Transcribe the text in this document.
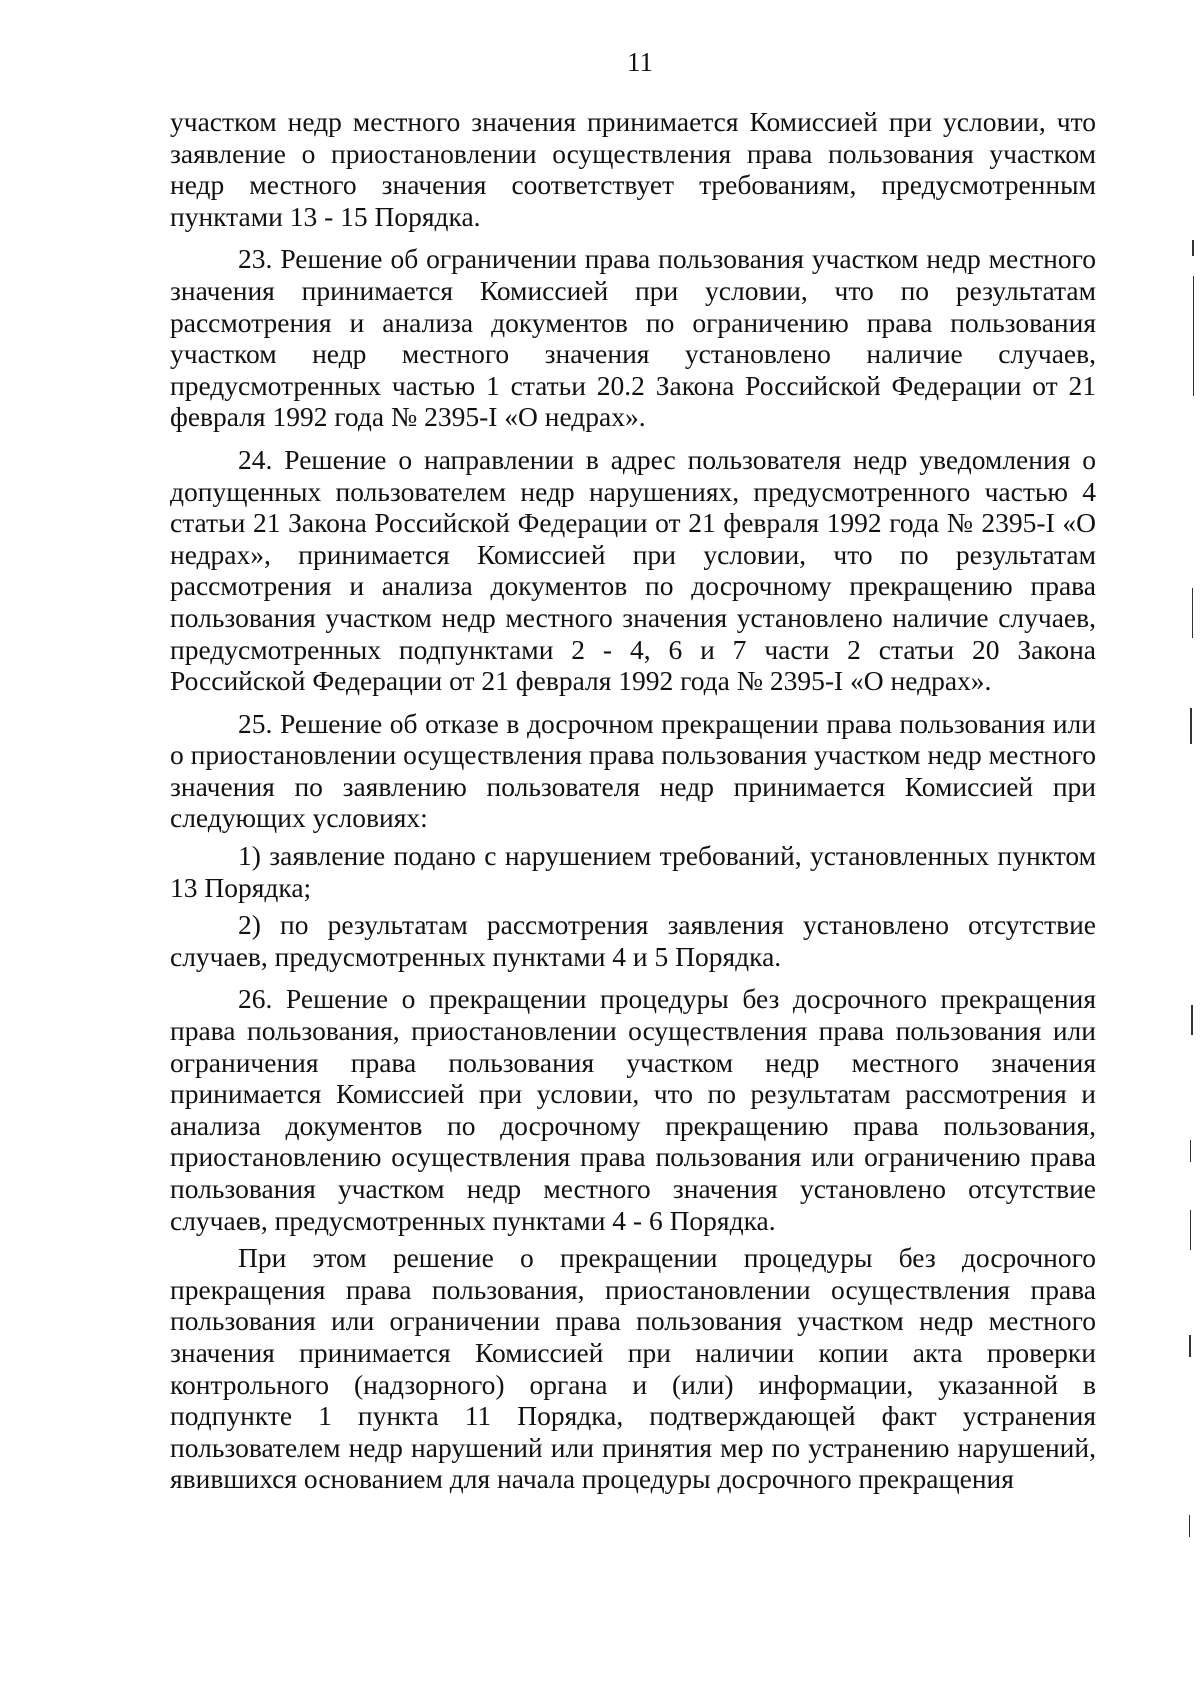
11

участком недр местного значения принимается Комиссией при условии, что заявление о приостановлении осуществления права пользования участком недр местного значения соответствует требованиям, предусмотренным пунктами 13 - 15 Порядка.

23. Решение об ограничении права пользования участком недр местного значения принимается Комиссией при условии, что по результатам рассмотрения и анализа документов по ограничению права пользования участком недр местного значения установлено наличие случаев, предусмотренных частью 1 статьи 20.2 Закона Российской Федерации от 21 февраля 1992 года № 2395-I «О недрах».

24. Решение о направлении в адрес пользователя недр уведомления о допущенных пользователем недр нарушениях, предусмотренного частью 4 статьи 21 Закона Российской Федерации от 21 февраля 1992 года № 2395-I «О недрах», принимается Комиссией при условии, что по результатам рассмотрения и анализа документов по досрочному прекращению права пользования участком недр местного значения установлено наличие случаев, предусмотренных подпунктами 2 - 4, 6 и 7 части 2 статьи 20 Закона Российской Федерации от 21 февраля 1992 года № 2395-I «О недрах».

25. Решение об отказе в досрочном прекращении права пользования или о приостановлении осуществления права пользования участком недр местного значения по заявлению пользователя недр принимается Комиссией при следующих условиях:

1) заявление подано с нарушением требований, установленных пунктом 13 Порядка;

2) по результатам рассмотрения заявления установлено отсутствие случаев, предусмотренных пунктами 4 и 5 Порядка.

26. Решение о прекращении процедуры без досрочного прекращения права пользования, приостановлении осуществления права пользования или ограничения права пользования участком недр местного значения принимается Комиссией при условии, что по результатам рассмотрения и анализа документов по досрочному прекращению права пользования, приостановлению осуществления права пользования или ограничению права пользования участком недр местного значения установлено отсутствие случаев, предусмотренных пунктами 4 - 6 Порядка.

При этом решение о прекращении процедуры без досрочного прекращения права пользования, приостановлении осуществления права пользования или ограничении права пользования участком недр местного значения принимается Комиссией при наличии копии акта проверки контрольного (надзорного) органа и (или) информации, указанной в подпункте 1 пункта 11 Порядка, подтверждающей факт устранения пользователем недр нарушений или принятия мер по устранению нарушений, явившихся основанием для начала процедуры досрочного прекращения
